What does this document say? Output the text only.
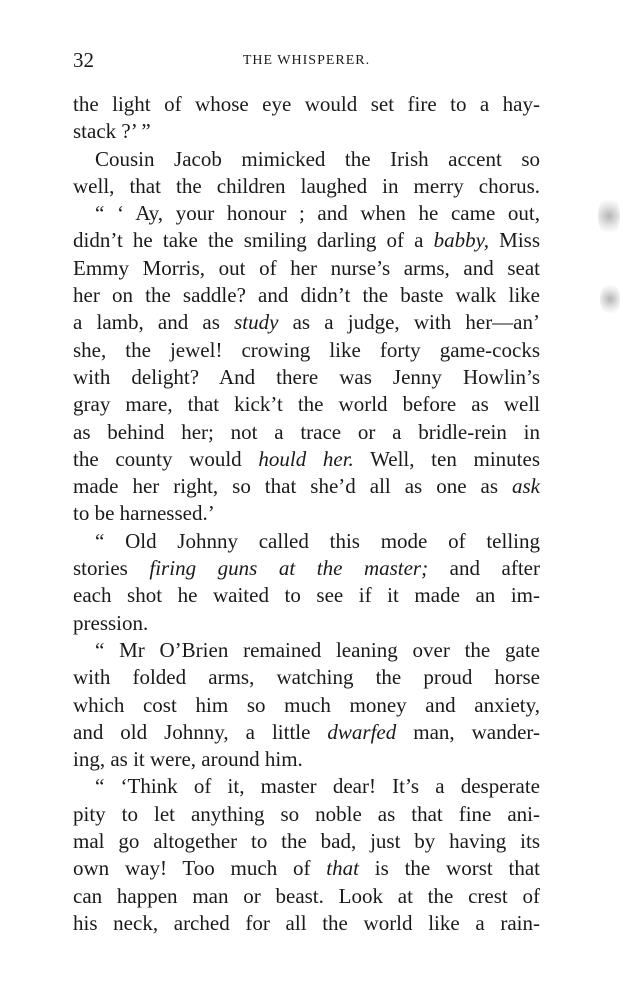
32	THE WHISPERER.
the light of whose eye would set fire to a hay-
stack ?’ ”
Cousin Jacob mimicked the Irish accent so
well, that the children laughed in merry chorus.
“ ‘ Ay, your honour ; and when he came out,
didn’t he take the smiling darling of a babby, Miss
Emmy Morris, out of her nurse’s arms, and seat
her on the saddle? and didn’t the baste walk like
a lamb, and as study as a judge, with her—an’
she, the jewel! crowing like forty game-cocks
with delight? And there was Jenny Howlin’s
gray mare, that kick’t the world before as well
as behind her; not a trace or a bridle-rein in
the county would hould her. Well, ten minutes
made her right, so that she’d all as one as ask
to be harnessed.’
“ Old Johnny called this mode of telling
stories firing guns at the master; and after
each shot he waited to see if it made an im-
pression.
“ Mr O’Brien remained leaning over the gate
with folded arms, watching the proud horse
which cost him so much money and anxiety,
and old Johnny, a little dwarfed man, wander-
ing, as it were, around him.
“ ‘Think of it, master dear! It’s a desperate
pity to let anything so noble as that fine ani-
mal go altogether to the bad, just by having its
own way! Too much of that is the worst that
can happen man or beast. Look at the crest of
his neck, arched for all the world like a rain-
